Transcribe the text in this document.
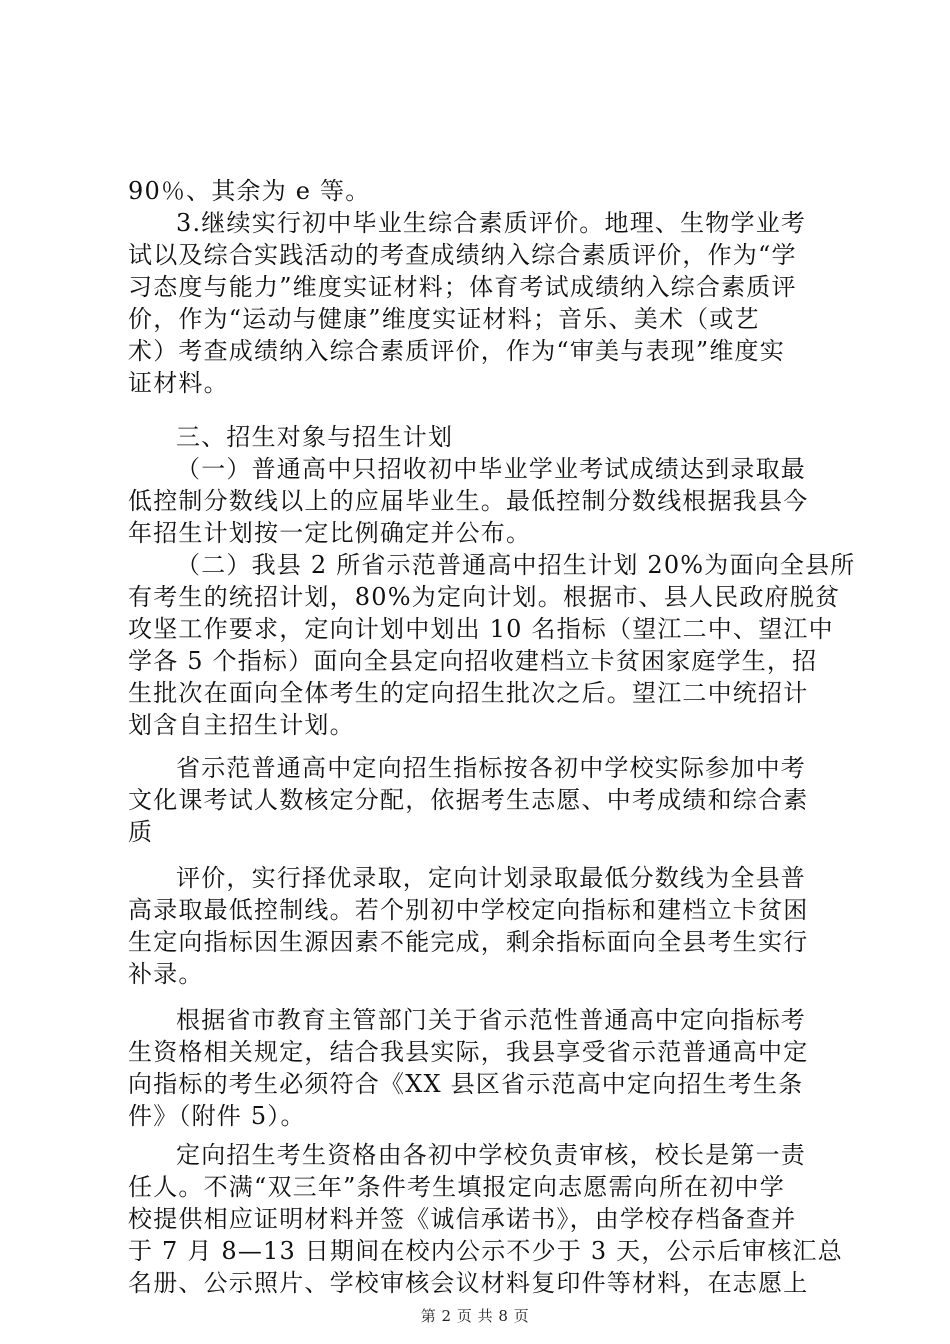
90％、其余为 e 等。
3.继续实行初中毕业生综合素质评价。地理、生物学业考
试以及综合实践活动的考查成绩纳入综合素质评价，作为“学
习态度与能力”维度实证材料；体育考试成绩纳入综合素质评
价，作为“运动与健康”维度实证材料；音乐、美术（或艺
术）考查成绩纳入综合素质评价，作为“审美与表现”维度实
证材料。
三、招生对象与招生计划
（一）普通高中只招收初中毕业学业考试成绩达到录取最
低控制分数线以上的应届毕业生。最低控制分数线根据我县今
年招生计划按一定比例确定并公布。
（二）我县 2 所省示范普通高中招生计划 20%为面向全县所
有考生的统招计划，80%为定向计划。根据市、县人民政府脱贫
攻坚工作要求，定向计划中划出 10 名指标（望江二中、望江中
学各 5 个指标）面向全县定向招收建档立卡贫困家庭学生，招
生批次在面向全体考生的定向招生批次之后。望江二中统招计
划含自主招生计划。
省示范普通高中定向招生指标按各初中学校实际参加中考
文化课考试人数核定分配，依据考生志愿、中考成绩和综合素
质
评价，实行择优录取，定向计划录取最低分数线为全县普
高录取最低控制线。若个别初中学校定向指标和建档立卡贫困
生定向指标因生源因素不能完成，剩余指标面向全县考生实行
补录。
根据省市教育主管部门关于省示范性普通高中定向指标考
生资格相关规定，结合我县实际，我县享受省示范普通高中定
向指标的考生必须符合《XX 县区省示范高中定向招生考生条
件》（附件 5）。
定向招生考生资格由各初中学校负责审核，校长是第一责
任人。不满“双三年”条件考生填报定向志愿需向所在初中学
校提供相应证明材料并签《诚信承诺书》，由学校存档备查并
于 7 月 8—13 日期间在校内公示不少于 3 天，公示后审核汇总
名册、公示照片、学校审核会议材料复印件等材料，在志愿上
第 2 页 共 8 页
